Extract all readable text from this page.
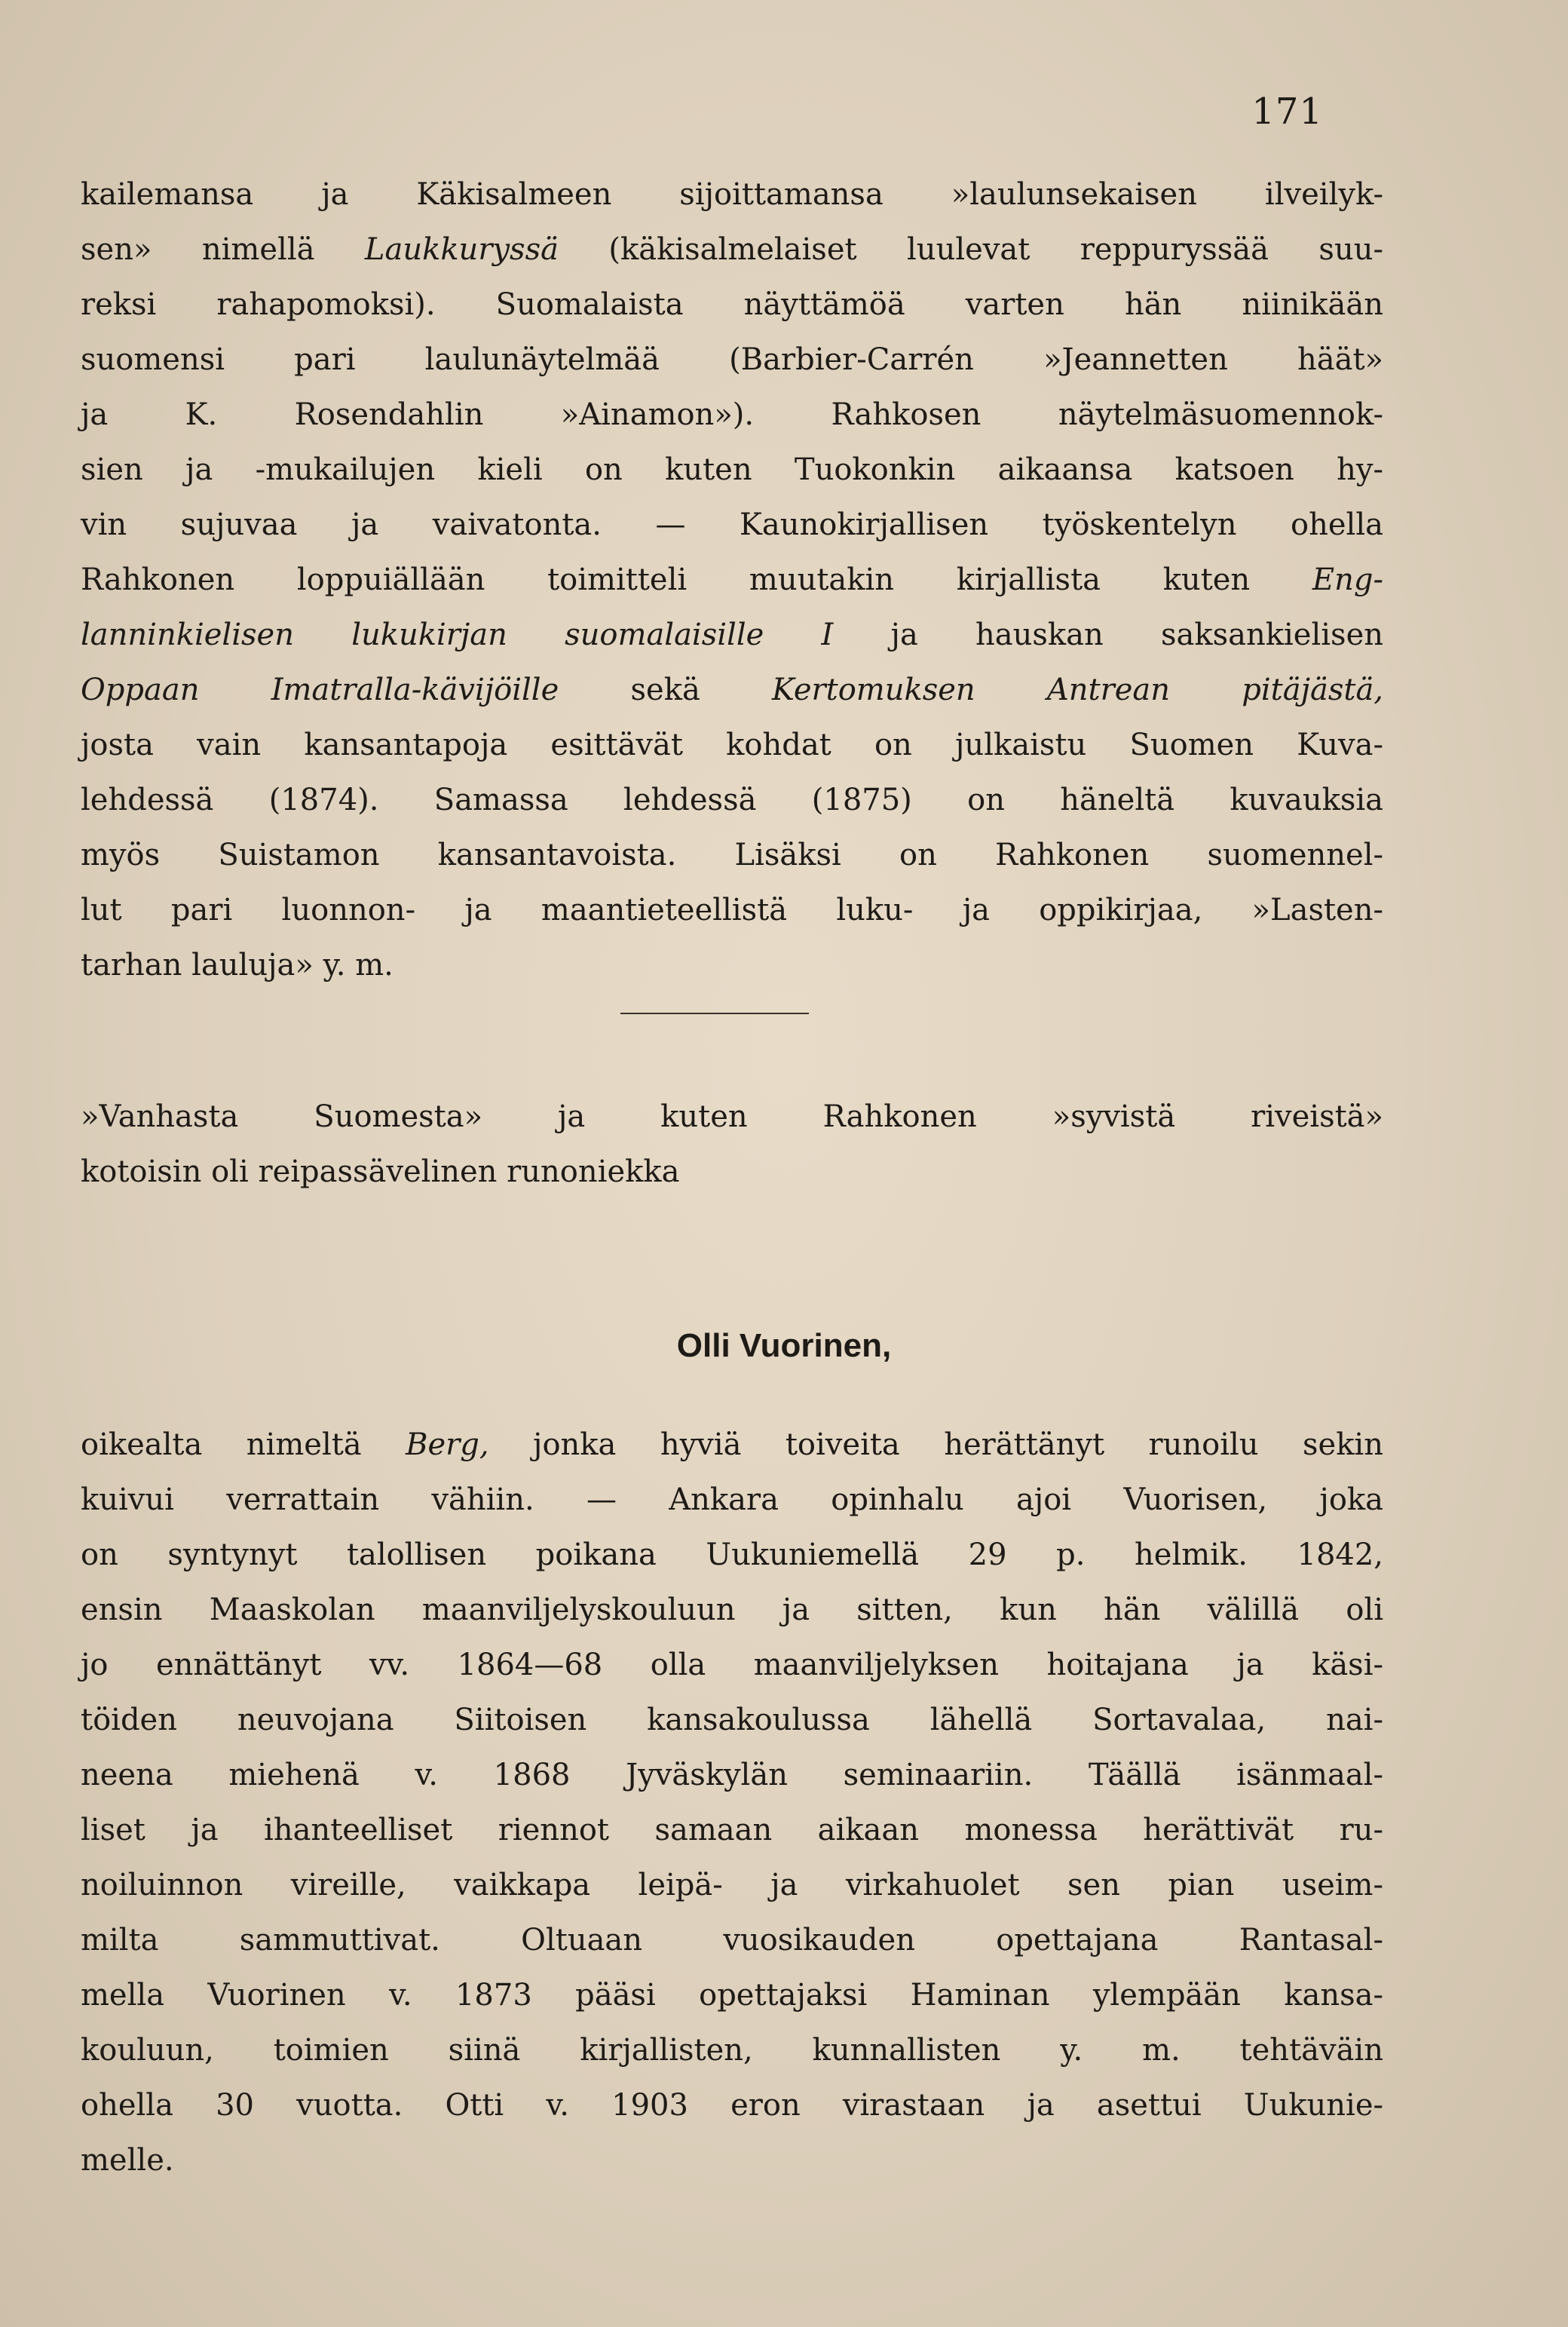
171
kailemansa ja Käkisalmeen sijoittamansa »laulunsekaisen ilveilyk-
sen» nimellä Laukkuryssä (käkisalmelaiset luulevat reppuryssää suu-
reksi rahapomoksi). Suomalaista näyttämöä varten hän niinikään
suomensi pari laulunäytelmää (Barbier-Carrén »Jeannetten häät»
ja K. Rosendahlin »Ainamon»). Rahkosen näytelmäsuomennok-
sien ja -mukailujen kieli on kuten Tuokonkin aikaansa katsoen hy-
vin sujuvaa ja vaivatonta. — Kaunokirjallisen työskentelyn ohella
Rahkonen loppuiällään toimitteli muutakin kirjallista kuten Eng-
lanninkielisen lukukirjan suomalaisille I ja hauskan saksankielisen
Oppaan Imatralla-kävijöille sekä Kertomuksen Antrean pitäjästä,
josta vain kansantapoja esittävät kohdat on julkaistu Suomen Kuva-
lehdessä (1874). Samassa lehdessä (1875) on häneltä kuvauksia
myös Suistamon kansantavoista. Lisäksi on Rahkonen suomennel-
lut pari luonnon- ja maantieteellistä luku- ja oppikirjaa, »Lasten-
tarhan lauluja» y. m.
»Vanhasta Suomesta» ja kuten Rahkonen »syvistä riveistä»
kotoisin oli reipassävelinen runoniekka
Olli Vuorinen,
oikealta nimeltä Berg, jonka hyviä toiveita herättänyt runoilu sekin
kuivui verrattain vähiin. — Ankara opinhalu ajoi Vuorisen, joka
on syntynyt talollisen poikana Uukuniemellä 29 p. helmik. 1842,
ensin Maaskolan maanviljelyskouluun ja sitten, kun hän välillä oli
jo ennättänyt vv. 1864—68 olla maanviljelyksen hoitajana ja käsi-
töiden neuvojana Siitoisen kansakoulussa lähellä Sortavalaa, nai-
neena miehenä v. 1868 Jyväskylän seminaariin. Täällä isänmaal-
liset ja ihanteelliset riennot samaan aikaan monessa herättivät ru-
noiluinnon vireille, vaikkapa leipä- ja virkahuolet sen pian useim-
milta sammuttivat. Oltuaan vuosikauden opettajana Rantasal-
mella Vuorinen v. 1873 pääsi opettajaksi Haminan ylempään kansa-
kouluun, toimien siinä kirjallisten, kunnallisten y. m. tehtäväin
ohella 30 vuotta. Otti v. 1903 eron virastaan ja asettui Uukunie-
melle.
